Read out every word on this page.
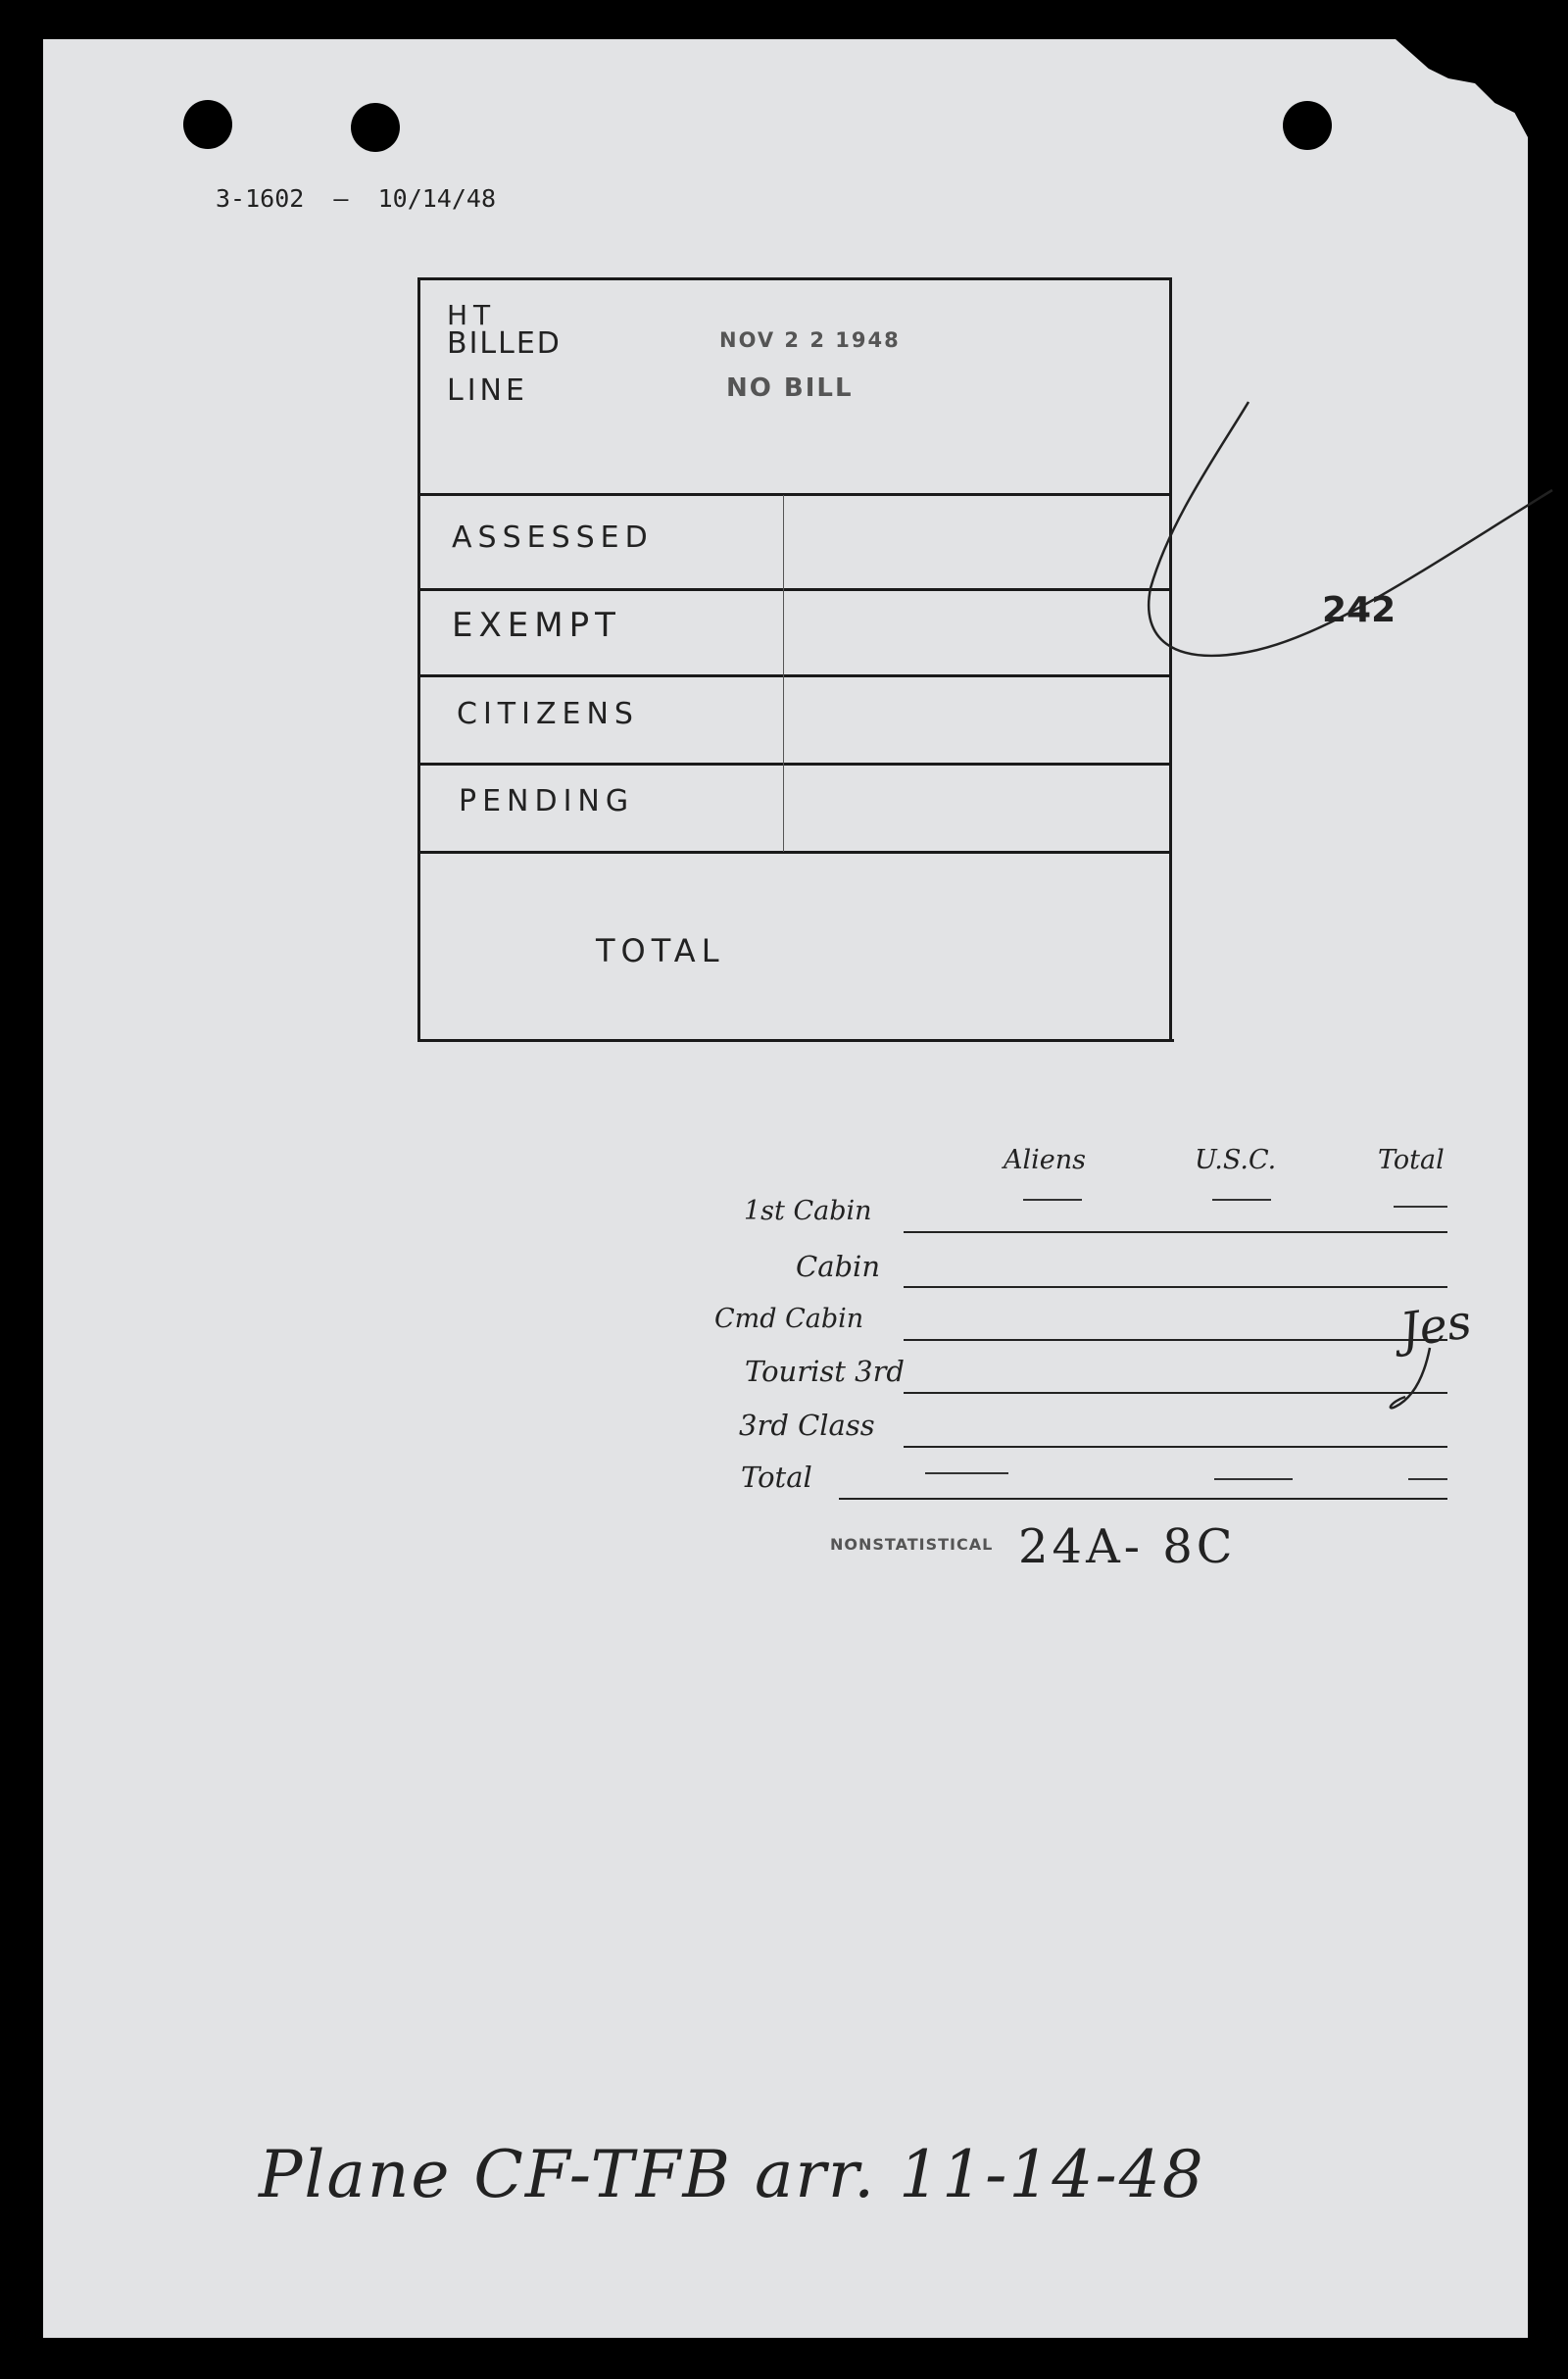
3-1602  —  10/14/48
HT
BILLED
LINE
NOV 2 2 1948
NO BILL
ASSESSED
EXEMPT
CITIZENS
PENDING
TOTAL
242
Aliens	U.S.C.	Total
1st Cabin
Cabin
Cmd Cabin
Tourist 3rd
3rd Class
Total
Jes
NONSTATISTICAL 24A- 8C
Plane CF-TFB arr. 11-14-48
